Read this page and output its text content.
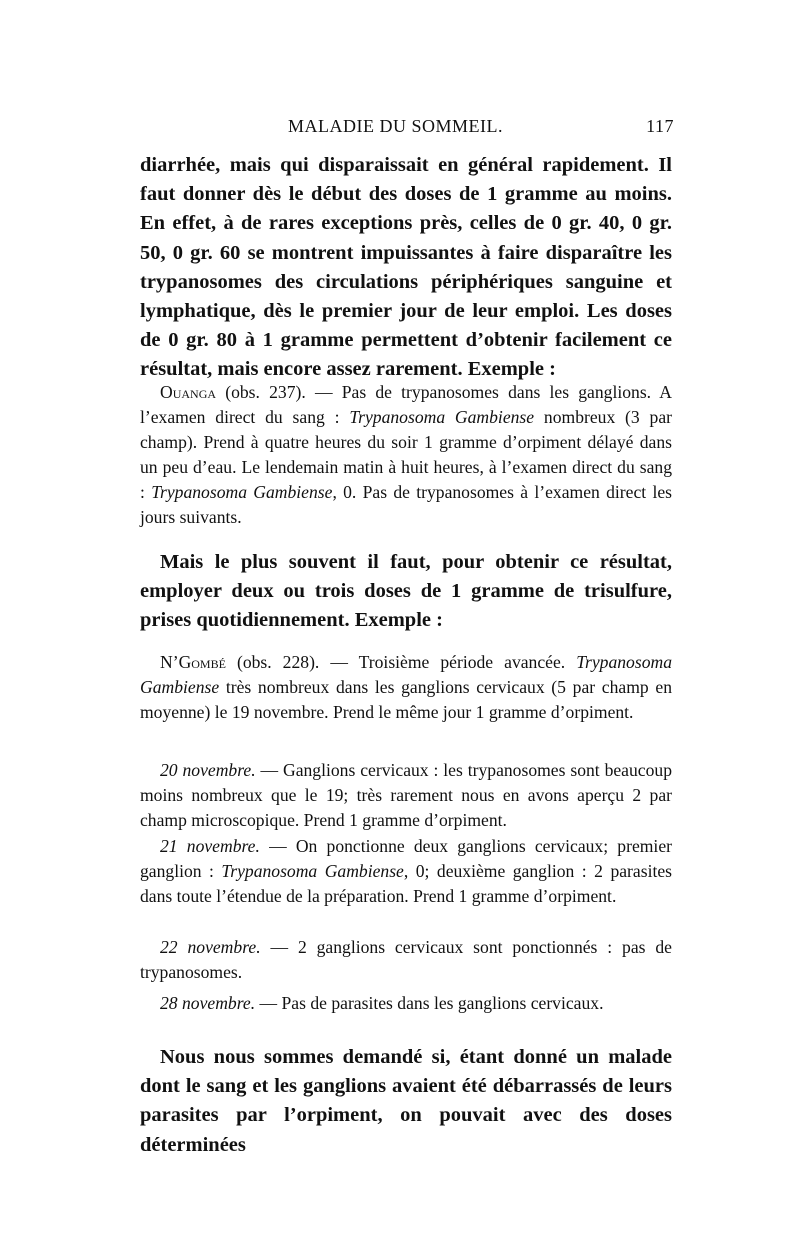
MALADIE DU SOMMEIL.	117

diarrhée, mais qui disparaissait en général rapidement. Il faut donner dès le début des doses de 1 gramme au moins. En effet, à de rares exceptions près, celles de 0 gr. 40, 0 gr. 50, 0 gr. 60 se montrent impuissantes à faire disparaître les trypanosomes des circulations périphériques sanguine et lymphatique, dès le premier jour de leur emploi. Les doses de 0 gr. 80 à 1 gramme permettent d’obtenir facilement ce résultat, mais encore assez rarement. Exemple :

Ouanga (obs. 237). — Pas de trypanosomes dans les ganglions. A l’examen direct du sang : Trypanosoma Gambiense nombreux (3 par champ). Prend à quatre heures du soir 1 gramme d’orpiment délayé dans un peu d’eau. Le lendemain matin à huit heures, à l’examen direct du sang : Trypanosoma Gambiense, 0. Pas de trypanosomes à l’examen direct les jours suivants.

Mais le plus souvent il faut, pour obtenir ce résultat, employer deux ou trois doses de 1 gramme de trisulfure, prises quotidiennement. Exemple :

N’Gombé (obs. 228). — Troisième période avancée. Trypanosoma Gambiense très nombreux dans les ganglions cervicaux (5 par champ en moyenne) le 19 novembre. Prend le même jour 1 gramme d’orpiment.

20 novembre. — Ganglions cervicaux : les trypanosomes sont beaucoup moins nombreux que le 19; très rarement nous en avons aperçu 2 par champ microscopique. Prend 1 gramme d’orpiment.

21 novembre. — On ponctionne deux ganglions cervicaux; premier ganglion : Trypanosoma Gambiense, 0; deuxième ganglion : 2 parasites dans toute l’étendue de la préparation. Prend 1 gramme d’orpiment.

22 novembre. — 2 ganglions cervicaux sont ponctionnés : pas de trypanosomes.

28 novembre. — Pas de parasites dans les ganglions cervicaux.

Nous nous sommes demandé si, étant donné un malade dont le sang et les ganglions avaient été débarrassés de leurs parasites par l’orpiment, on pouvait avec des doses déterminées
